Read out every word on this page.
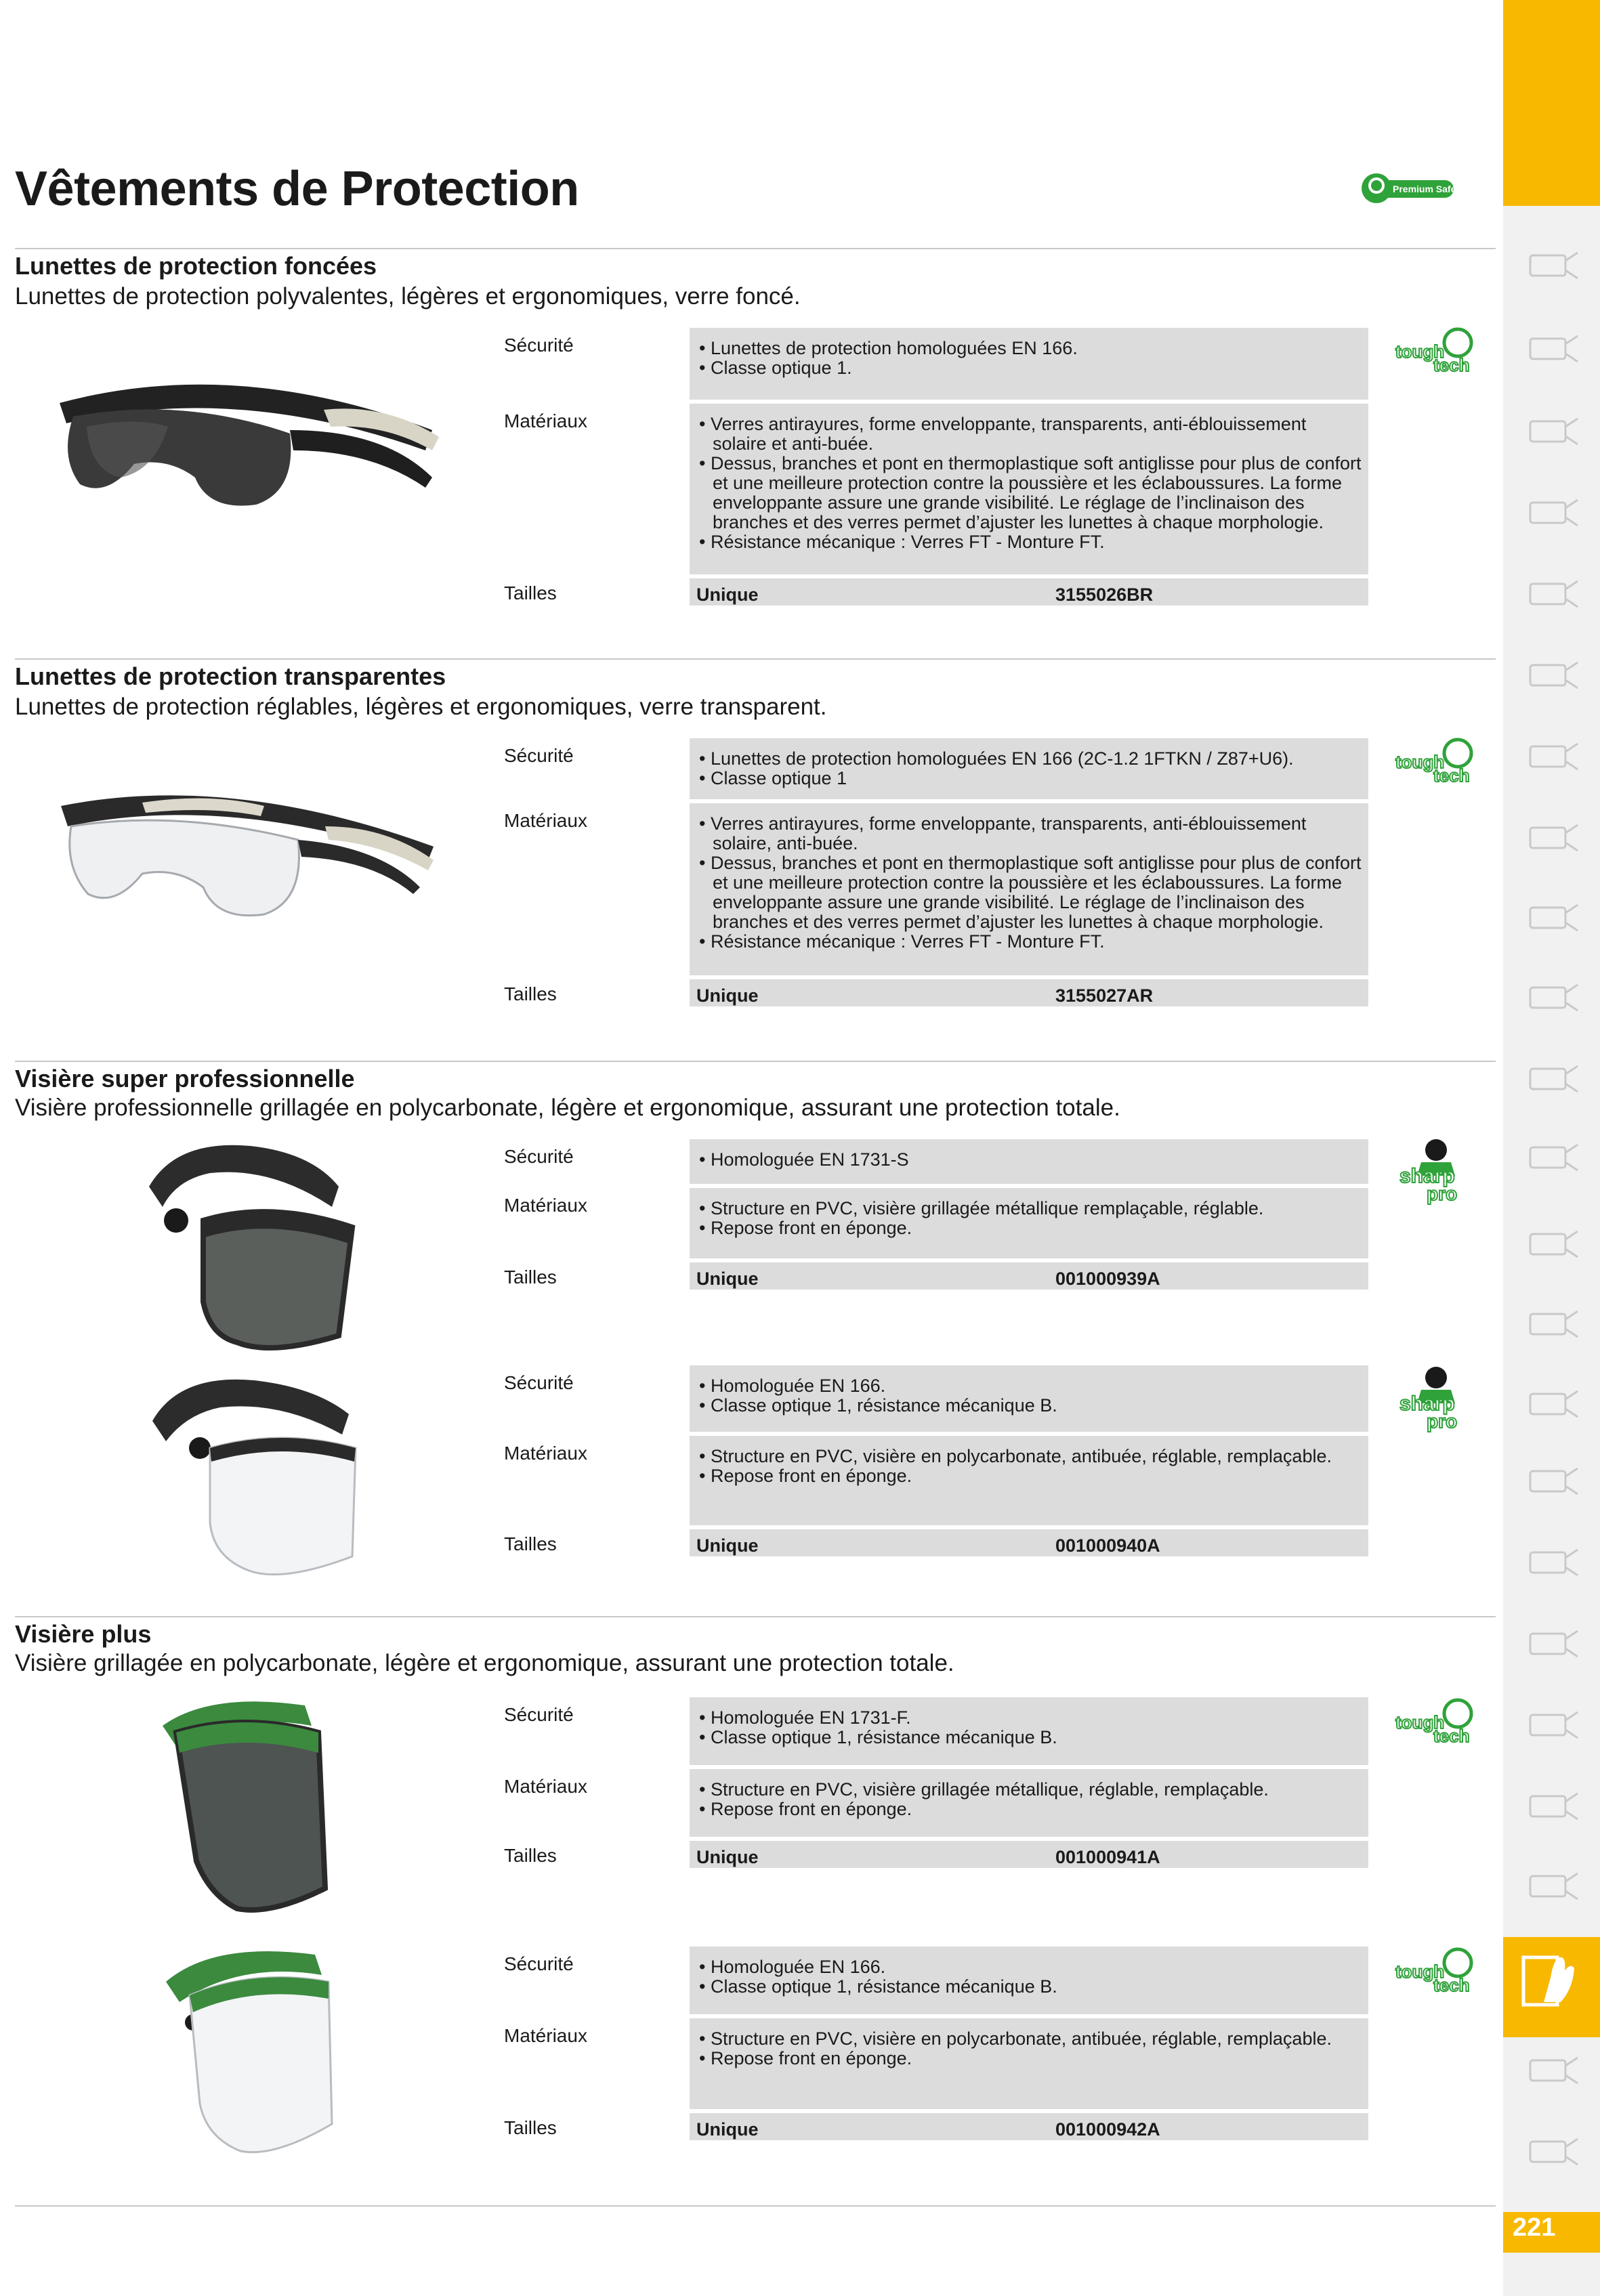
221
Vêtements de Protection	Premium Safety
Lunettes de protection foncées
Lunettes de protection polyvalentes, légères et ergonomiques, verre foncé.
tough
tech
Sécurité	• Lunettes de protection homologuées EN 166.
• Classe optique 1.
Matériaux	• Verres antirayures, forme enveloppante, transparents, anti-éblouissement solaire et anti-buée.
• Dessus, branches et pont en thermoplastique soft antiglisse pour plus de confort et une meilleure protection contre la poussière et les éclaboussures. La forme enveloppante assure une grande visibilité. Le réglage de l’inclinaison des branches et des verres permet d’ajuster les lunettes à chaque morphologie.
• Résistance mécanique : Verres FT - Monture FT.
Tailles	Unique	3155026BR
Lunettes de protection transparentes
Lunettes de protection réglables, légères et ergonomiques, verre transparent.
tough
tech
Sécurité	• Lunettes de protection homologuées EN 166 (2C-1.2 1FTKN / Z87+U6).
• Classe optique 1
Matériaux	• Verres antirayures, forme enveloppante, transparents, anti-éblouissement solaire, anti-buée.
• Dessus, branches et pont en thermoplastique soft antiglisse pour plus de confort et une meilleure protection contre la poussière et les éclaboussures. La forme enveloppante assure une grande visibilité. Le réglage de l’inclinaison des branches et des verres permet d’ajuster les lunettes à chaque morphologie.
• Résistance mécanique : Verres FT - Monture FT.
Tailles	Unique	3155027AR
Visière super professionnelle
Visière professionnelle grillagée en polycarbonate, légère et ergonomique, assurant une protection totale.
sharp
pro
Sécurité	• Homologuée EN 1731-S
Matériaux	• Structure en PVC, visière grillagée métallique remplaçable, réglable.
• Repose front en éponge.
Tailles	Unique	001000939A
sharp
pro
Sécurité	• Homologuée EN 166.
• Classe optique 1, résistance mécanique B.
Matériaux	• Structure en PVC, visière en polycarbonate, antibuée, réglable, remplaçable.
• Repose front en éponge.
Tailles	Unique	001000940A
Visière plus
Visière grillagée en polycarbonate, légère et ergonomique, assurant une protection totale.
tough
tech
Sécurité	• Homologuée EN 1731-F.
• Classe optique 1, résistance mécanique B.
Matériaux	• Structure en PVC, visière grillagée métallique, réglable, remplaçable.
• Repose front en éponge.
Tailles	Unique	001000941A
tough
tech
Sécurité	• Homologuée EN 166.
• Classe optique 1, résistance mécanique B.
Matériaux	• Structure en PVC, visière en polycarbonate, antibuée, réglable, remplaçable.
• Repose front en éponge.
Tailles	Unique	001000942A
